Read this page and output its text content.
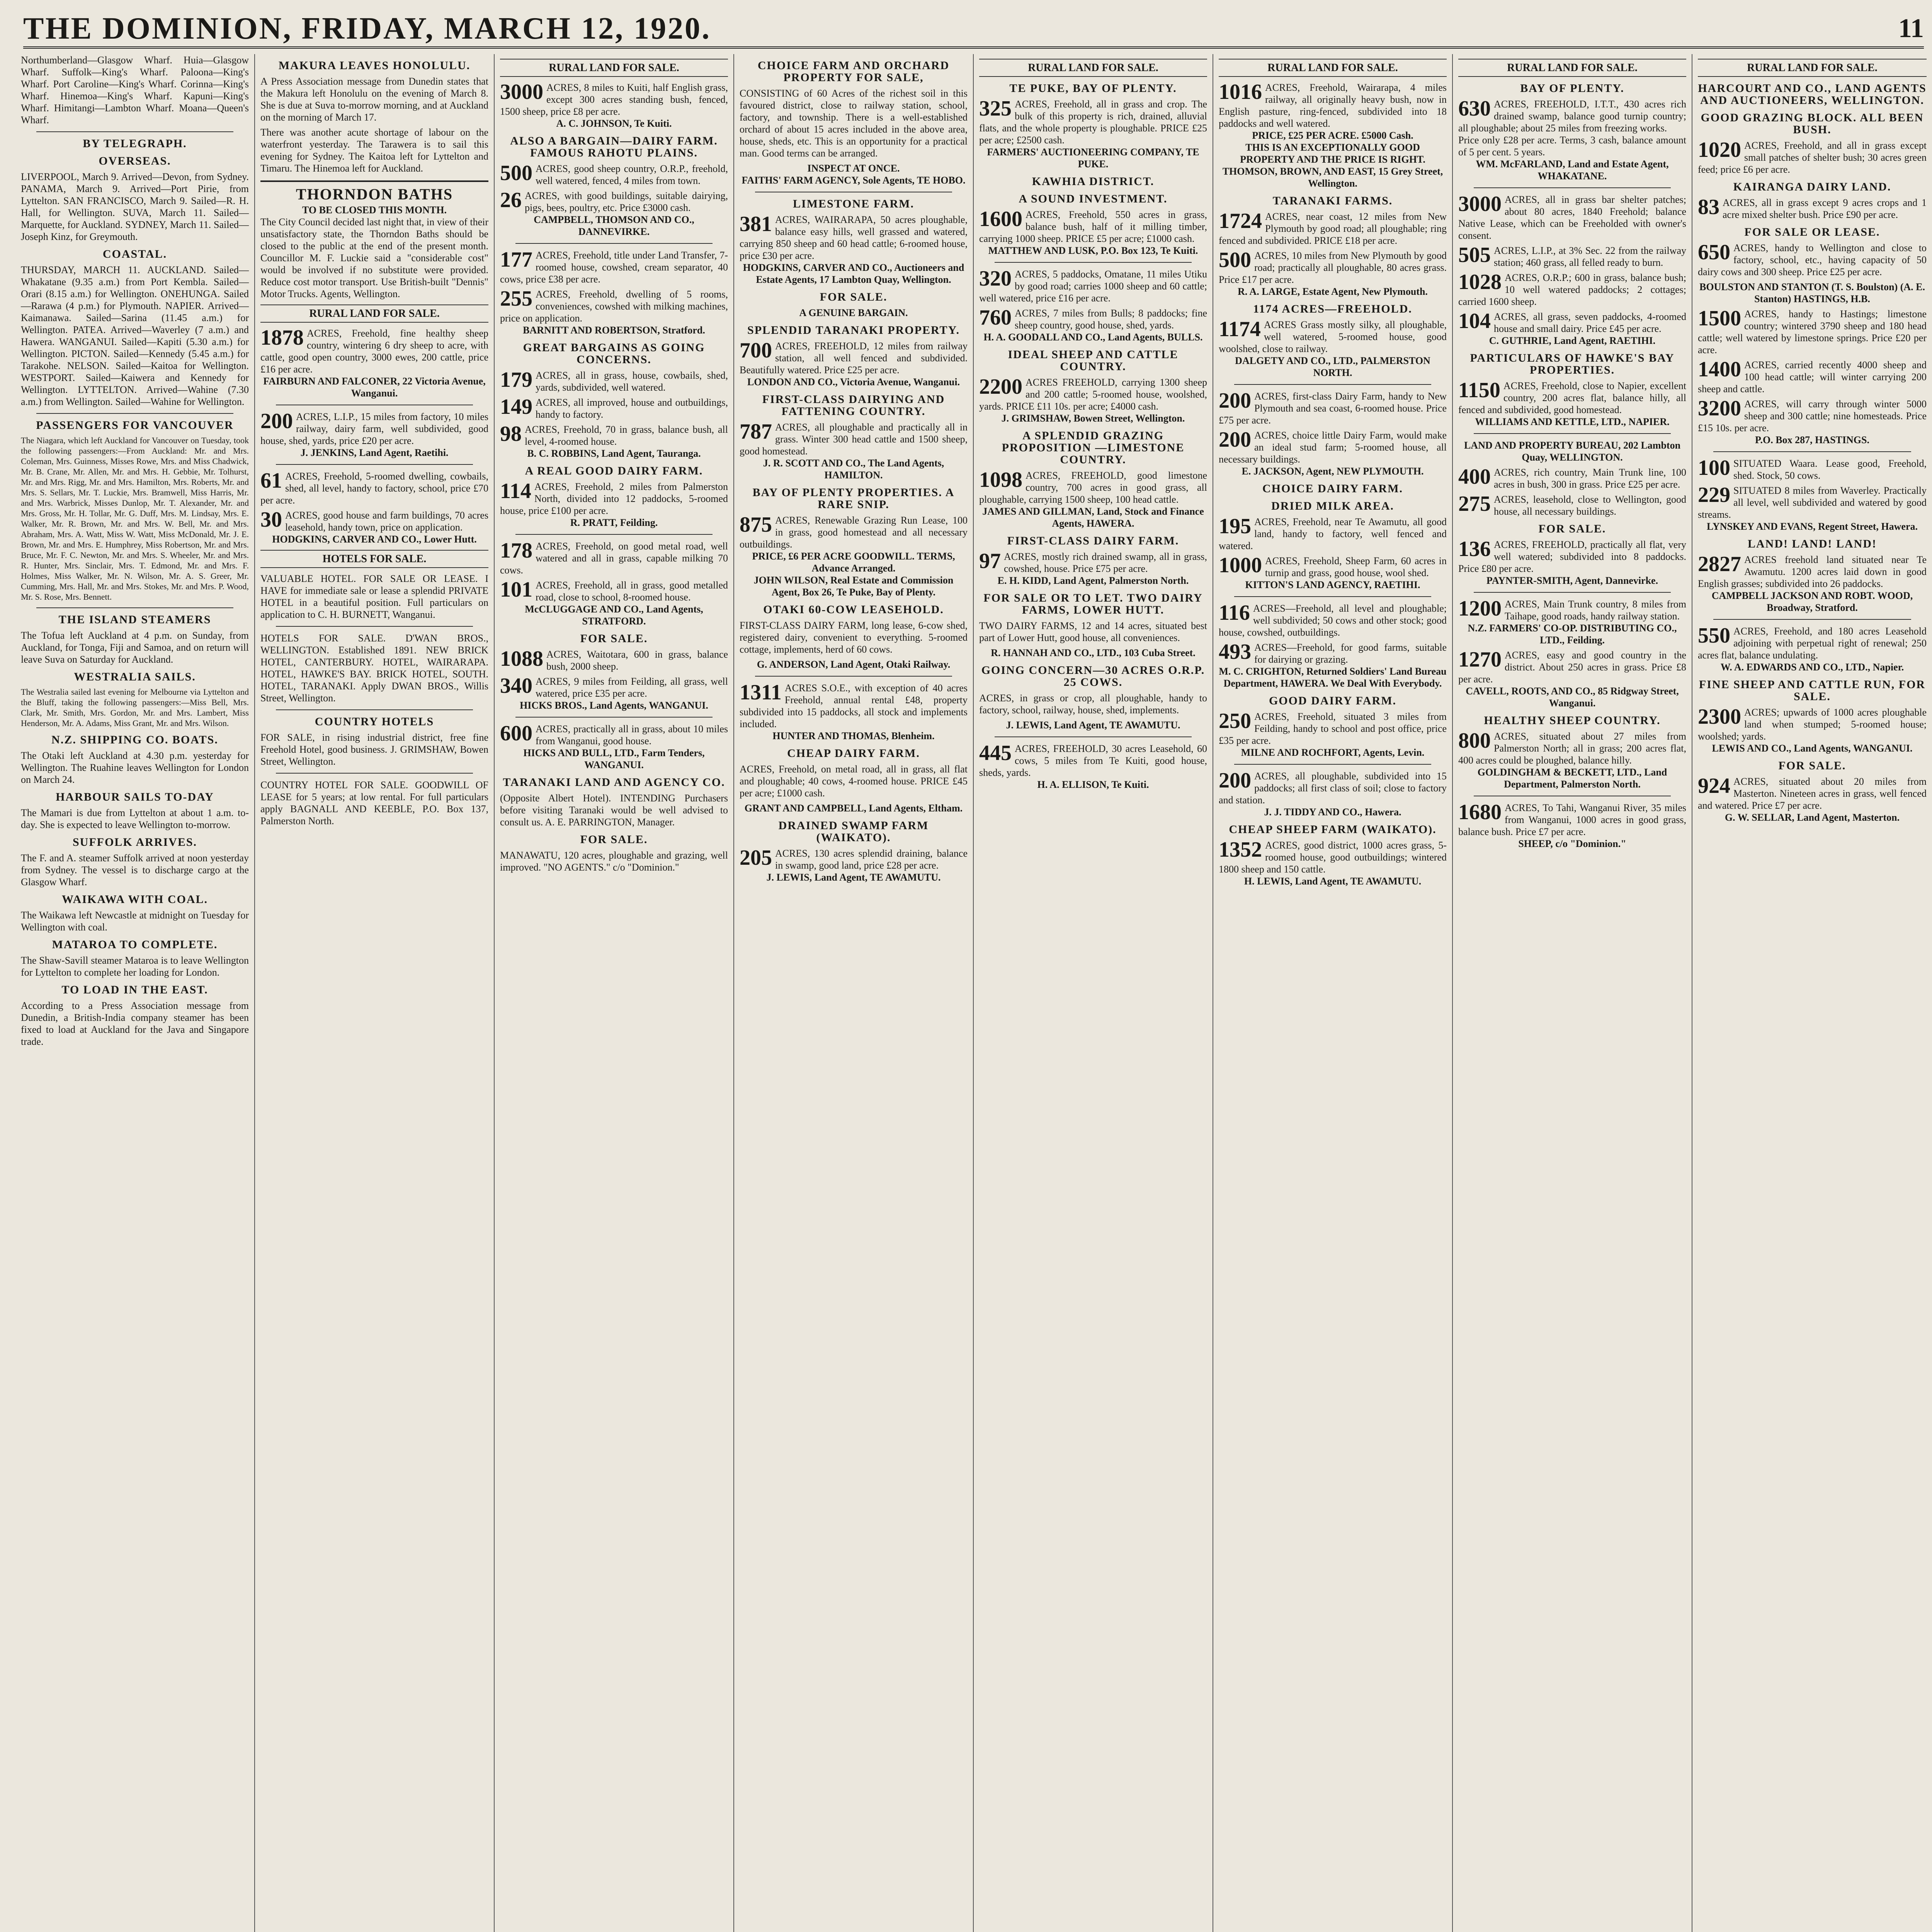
THE DOMINION, FRIDAY, MARCH 12, 1920.	11
Northumberland—Glasgow Wharf. Huia—Glasgow Wharf. Suffolk—King's Wharf. Paloona—King's Wharf. Port Caroline—King's Wharf. Corinna—King's Wharf. Hinemoa—King's Wharf. Kapuni—King's Wharf. Himitangi—Lambton Wharf. Moana—Queen's Wharf.
BY TELEGRAPH.
OVERSEAS.
LIVERPOOL, March 9. Arrived—Devon, from Sydney. PANAMA, March 9. Arrived—Port Pirie, from Lyttelton. SAN FRANCISCO, March 9. Sailed—R. H. Hall, for Wellington. SUVA, March 11. Sailed—Marquette, for Auckland. SYDNEY, March 11. Sailed—Joseph Kinz, for Greymouth.
COASTAL.
THURSDAY, MARCH 11. AUCKLAND. Sailed—Whakatane (9.35 a.m.) from Port Kembla. Sailed—Orari (8.15 a.m.) for Wellington. ONEHUNGA. Sailed—Rarawa (4 p.m.) for Plymouth. NAPIER. Arrived—Kaimanawa. Sailed—Sarina (11.45 a.m.) for Wellington. PATEA. Arrived—Waverley (7 a.m.) and Hawera. WANGANUI. Sailed—Kapiti (5.30 a.m.) for Wellington. PICTON. Sailed—Kennedy (5.45 a.m.) for Tarakohe. NELSON. Sailed—Kaitoa for Wellington. WESTPORT. Sailed—Kaiwera and Kennedy for Wellington. LYTTELTON. Arrived—Wahine (7.30 a.m.) from Wellington. Sailed—Wahine for Wellington.
PASSENGERS FOR VANCOUVER
The Niagara, which left Auckland for Vancouver on Tuesday, took the following passengers:—From Auckland: Mr. and Mrs. Coleman, Mrs. Guinness, Misses Rowe, Mrs. and Miss Chadwick, Mr. B. Crane, Mr. Allen, Mr. and Mrs. H. Gebbie, Mr. Tolhurst, Mr. and Mrs. Rigg, Mr. and Mrs. Hamilton, Mrs. Roberts, Mr. and Mrs. S. Sellars, Mr. T. Luckie, Mrs. Bramwell, Miss Harris, Mr. and Mrs. Warbrick, Misses Dunlop, Mr. T. Alexander, Mr. and Mrs. Gross, Mr. H. Tollar, Mr. G. Duff, Mrs. M. Lindsay, Mrs. E. Walker, Mr. R. Brown, Mr. and Mrs. W. Bell, Mr. and Mrs. Abraham, Mrs. A. Watt, Miss W. Watt, Miss McDonald, Mr. J. E. Brown, Mr. and Mrs. E. Humphrey, Miss Robertson, Mr. and Mrs. Bruce, Mr. F. C. Newton, Mr. and Mrs. S. Wheeler, Mr. and Mrs. R. Hunter, Mrs. Sinclair, Mrs. T. Edmond, Mr. and Mrs. F. Holmes, Miss Walker, Mr. N. Wilson, Mr. A. S. Greer, Mr. Cumming, Mrs. Hall, Mr. and Mrs. Stokes, Mr. and Mrs. P. Wood, Mr. S. Rose, Mrs. Bennett.
THE ISLAND STEAMERS
The Tofua left Auckland at 4 p.m. on Sunday, from Auckland, for Tonga, Fiji and Samoa, and on return will leave Suva on Saturday for Auckland.
WESTRALIA SAILS.
The Westralia sailed last evening for Melbourne via Lyttelton and the Bluff, taking the following passengers:—Miss Bell, Mrs. Clark, Mr. Smith, Mrs. Gordon, Mr. and Mrs. Lambert, Miss Henderson, Mr. A. Adams, Miss Grant, Mr. and Mrs. Wilson.
N.Z. SHIPPING CO. BOATS.
The Otaki left Auckland at 4.30 p.m. yesterday for Wellington. The Ruahine leaves Wellington for London on March 24.
HARBOUR SAILS TO-DAY
The Mamari is due from Lyttelton at about 1 a.m. to-day. She is expected to leave Wellington to-morrow.
SUFFOLK ARRIVES.
The F. and A. steamer Suffolk arrived at noon yesterday from Sydney. The vessel is to discharge cargo at the Glasgow Wharf.
WAIKAWA WITH COAL.
The Waikawa left Newcastle at midnight on Tuesday for Wellington with coal.
MATAROA TO COMPLETE.
The Shaw-Savill steamer Mataroa is to leave Wellington for Lyttelton to complete her loading for London.
TO LOAD IN THE EAST.
According to a Press Association message from Dunedin, a British-India company steamer has been fixed to load at Auckland for the Java and Singapore trade.
MAKURA LEAVES HONOLULU.
A Press Association message from Dunedin states that the Makura left Honolulu on the evening of March 8. She is due at Suva to-morrow morning, and at Auckland on the morning of March 17.
There was another acute shortage of labour on the waterfront yesterday. The Tarawera is to sail this evening for Sydney. The Kaitoa left for Lyttelton and Timaru. The Hinemoa left for Auckland.
THORNDON BATHS
TO BE CLOSED THIS MONTH.
The City Council decided last night that, in view of their unsatisfactory state, the Thorndon Baths should be closed to the public at the end of the present month. Councillor M. F. Luckie said a "considerable cost" would be involved if no substitute were provided. Reduce cost motor transport. Use British-built "Dennis" Motor Trucks. Agents, Wellington.
RURAL LAND FOR SALE.
1878 ACRES, Freehold, fine healthy sheep country, wintering 6 dry sheep to acre, with cattle, good open country, 3000 ewes, 200 cattle, price £16 per acre.

FAIRBURN AND FALCONER, 22 Victoria Avenue, Wanganui.

200 ACRES, L.I.P., 15 miles from factory, 10 miles railway, dairy farm, well subdivided, good house, shed, yards, price £20 per acre.

J. JENKINS, Land Agent, Raetihi.

61 ACRES, Freehold, 5-roomed dwelling, cowbails, shed, all level, handy to factory, school, price £70 per acre.
30 ACRES, good house and farm buildings, 70 acres leasehold, handy town, price on application.

HODGKINS, CARVER AND CO., Lower Hutt.

HOTELS FOR SALE.
VALUABLE HOTEL. FOR SALE OR LEASE. I HAVE for immediate sale or lease a splendid PRIVATE HOTEL in a beautiful position. Full particulars on application to C. H. BURNETT, Wanganui.
HOTELS FOR SALE. D'WAN BROS., WELLINGTON. Established 1891. NEW BRICK HOTEL, CANTERBURY. HOTEL, WAIRARAPA. HOTEL, HAWKE'S BAY. BRICK HOTEL, SOUTH. HOTEL, TARANAKI. Apply DWAN BROS., Willis Street, Wellington.
COUNTRY HOTELS
FOR SALE, in rising industrial district, free fine Freehold Hotel, good business. J. GRIMSHAW, Bowen Street, Wellington.
COUNTRY HOTEL FOR SALE. GOODWILL OF LEASE for 5 years; at low rental. For full particulars apply BAGNALL AND KEEBLE, P.O. Box 137, Palmerston North.
RURAL LAND FOR SALE.
3000 ACRES, 8 miles to Kuiti, half English grass, except 300 acres standing bush, fenced, 1500 sheep, price £8 per acre.

A. C. JOHNSON, Te Kuiti.

ALSO A BARGAIN—DAIRY FARM. FAMOUS RAHOTU PLAINS.
500 ACRES, good sheep country, O.R.P., freehold, well watered, fenced, 4 miles from town.
26 ACRES, with good buildings, suitable dairying, pigs, bees, poultry, etc. Price £3000 cash.

CAMPBELL, THOMSON AND CO., DANNEVIRKE.

177 ACRES, Freehold, title under Land Transfer, 7-roomed house, cowshed, cream separator, 40 cows, price £38 per acre.
255 ACRES, Freehold, dwelling of 5 rooms, conveniences, cowshed with milking machines, price on application.

BARNITT AND ROBERTSON, Stratford.

GREAT BARGAINS AS GOING CONCERNS.
179 ACRES, all in grass, house, cowbails, shed, yards, subdivided, well watered.
149 ACRES, all improved, house and outbuildings, handy to factory.
98 ACRES, Freehold, 70 in grass, balance bush, all level, 4-roomed house.

B. C. ROBBINS, Land Agent, Tauranga.

A REAL GOOD DAIRY FARM.
114 ACRES, Freehold, 2 miles from Palmerston North, divided into 12 paddocks, 5-roomed house, price £100 per acre.

R. PRATT, Feilding.

178 ACRES, Freehold, on good metal road, well watered and all in grass, capable milking 70 cows.
101 ACRES, Freehold, all in grass, good metalled road, close to school, 8-roomed house.

McCLUGGAGE AND CO., Land Agents, STRATFORD.

FOR SALE.
1088 ACRES, Waitotara, 600 in grass, balance bush, 2000 sheep.
340 ACRES, 9 miles from Feilding, all grass, well watered, price £35 per acre.

HICKS BROS., Land Agents, WANGANUI.

600 ACRES, practically all in grass, about 10 miles from Wanganui, good house.

HICKS AND BULL, LTD., Farm Tenders, WANGANUI.

TARANAKI LAND AND AGENCY CO.
(Opposite Albert Hotel). INTENDING Purchasers before visiting Taranaki would be well advised to consult us. A. E. PARRINGTON, Manager.
FOR SALE.
MANAWATU, 120 acres, ploughable and grazing, well improved. "NO AGENTS." c/o "Dominion."
CHOICE FARM AND ORCHARD PROPERTY FOR SALE,
CONSISTING of 60 Acres of the richest soil in this favoured district, close to railway station, school, factory, and township. There is a well-established orchard of about 15 acres included in the above area, house, sheds, etc. This is an opportunity for a practical man. Good terms can be arranged.
INSPECT AT ONCE.
FAITHS' FARM AGENCY, Sole Agents, TE HOBO.
LIMESTONE FARM.
381 ACRES, WAIRARAPA, 50 acres ploughable, balance easy hills, well grassed and watered, carrying 850 sheep and 60 head cattle; 6-roomed house, price £30 per acre.

HODGKINS, CARVER AND CO., Auctioneers and Estate Agents, 17 Lambton Quay, Wellington.

FOR SALE.
A GENUINE BARGAIN.
SPLENDID TARANAKI PROPERTY.
700 ACRES, FREEHOLD, 12 miles from railway station, all well fenced and subdivided. Beautifully watered. Price £25 per acre.

LONDON AND CO., Victoria Avenue, Wanganui.

FIRST-CLASS DAIRYING AND FATTENING COUNTRY.
787 ACRES, all ploughable and practically all in grass. Winter 300 head cattle and 1500 sheep, good homestead.

J. R. SCOTT AND CO., The Land Agents, HAMILTON.

BAY OF PLENTY PROPERTIES. A RARE SNIP.
875 ACRES, Renewable Grazing Run Lease, 100 in grass, good homestead and all necessary outbuildings.

PRICE, £6 PER ACRE GOODWILL. TERMS, Advance Arranged.

JOHN WILSON, Real Estate and Commission Agent, Box 26, Te Puke, Bay of Plenty.

OTAKI 60-COW LEASEHOLD.
FIRST-CLASS DAIRY FARM, long lease, 6-cow shed, registered dairy, convenient to everything. 5-roomed cottage, implements, herd of 60 cows.
G. ANDERSON, Land Agent, Otaki Railway.
1311 ACRES S.O.E., with exception of 40 acres Freehold, annual rental £48, property subdivided into 15 paddocks, all stock and implements included.

HUNTER AND THOMAS, Blenheim.

CHEAP DAIRY FARM.
ACRES, Freehold, on metal road, all in grass, all flat and ploughable; 40 cows, 4-roomed house. PRICE £45 per acre; £1000 cash.
GRANT AND CAMPBELL, Land Agents, Eltham.
DRAINED SWAMP FARM (WAIKATO).
205 ACRES, 130 acres splendid draining, balance in swamp, good land, price £28 per acre.

J. LEWIS, Land Agent, TE AWAMUTU.

RURAL LAND FOR SALE.
TE PUKE, BAY OF PLENTY.
325 ACRES, Freehold, all in grass and crop. The bulk of this property is rich, drained, alluvial flats, and the whole property is ploughable. PRICE £25 per acre; £2500 cash.

FARMERS' AUCTIONEERING COMPANY, TE PUKE.

KAWHIA DISTRICT.
A SOUND INVESTMENT.
1600 ACRES, Freehold, 550 acres in grass, balance bush, half of it milling timber, carrying 1000 sheep. PRICE £5 per acre; £1000 cash.

MATTHEW AND LUSK, P.O. Box 123, Te Kuiti.

320 ACRES, 5 paddocks, Omatane, 11 miles Utiku by good road; carries 1000 sheep and 60 cattle; well watered, price £16 per acre.
760 ACRES, 7 miles from Bulls; 8 paddocks; fine sheep country, good house, shed, yards.

H. A. GOODALL AND CO., Land Agents, BULLS.

IDEAL SHEEP AND CATTLE COUNTRY.
2200 ACRES FREEHOLD, carrying 1300 sheep and 200 cattle; 5-roomed house, woolshed, yards. PRICE £11 10s. per acre; £4000 cash.

J. GRIMSHAW, Bowen Street, Wellington.

A SPLENDID GRAZING PROPOSITION —LIMESTONE COUNTRY.
1098 ACRES, FREEHOLD, good limestone country, 700 acres in good grass, all ploughable, carrying 1500 sheep, 100 head cattle.

JAMES AND GILLMAN, Land, Stock and Finance Agents, HAWERA.

FIRST-CLASS DAIRY FARM.
97 ACRES, mostly rich drained swamp, all in grass, cowshed, house. Price £75 per acre.

E. H. KIDD, Land Agent, Palmerston North.

FOR SALE OR TO LET. TWO DAIRY FARMS, LOWER HUTT.
TWO DAIRY FARMS, 12 and 14 acres, situated best part of Lower Hutt, good house, all conveniences.
R. HANNAH AND CO., LTD., 103 Cuba Street.
GOING CONCERN—30 ACRES O.R.P. 25 COWS.
ACRES, in grass or crop, all ploughable, handy to factory, school, railway, house, shed, implements.
J. LEWIS, Land Agent, TE AWAMUTU.
445 ACRES, FREEHOLD, 30 acres Leasehold, 60 cows, 5 miles from Te Kuiti, good house, sheds, yards.

H. A. ELLISON, Te Kuiti.

RURAL LAND FOR SALE.
1016 ACRES, Freehold, Wairarapa, 4 miles railway, all originally heavy bush, now in English pasture, ring-fenced, subdivided into 18 paddocks and well watered.

PRICE, £25 PER ACRE. £5000 Cash.

THIS IS AN EXCEPTIONALLY GOOD PROPERTY AND THE PRICE IS RIGHT.

THOMSON, BROWN, AND EAST, 15 Grey Street, Wellington.

TARANAKI FARMS.
1724 ACRES, near coast, 12 miles from New Plymouth by good road; all ploughable; ring fenced and subdivided. PRICE £18 per acre.
500 ACRES, 10 miles from New Plymouth by good road; practically all ploughable, 80 acres grass. Price £17 per acre.

R. A. LARGE, Estate Agent, New Plymouth.

1174 ACRES—FREEHOLD.
1174 ACRES Grass mostly silky, all ploughable, well watered, 5-roomed house, good woolshed, close to railway.

DALGETY AND CO., LTD., PALMERSTON NORTH.

200 ACRES, first-class Dairy Farm, handy to New Plymouth and sea coast, 6-roomed house. Price £75 per acre.
200 ACRES, choice little Dairy Farm, would make an ideal stud farm; 5-roomed house, all necessary buildings.

E. JACKSON, Agent, NEW PLYMOUTH.

CHOICE DAIRY FARM.
DRIED MILK AREA.
195 ACRES, Freehold, near Te Awamutu, all good land, handy to factory, well fenced and watered.
1000 ACRES, Freehold, Sheep Farm, 60 acres in turnip and grass, good house, wool shed.

KITTON'S LAND AGENCY, RAETIHI.

116 ACRES—Freehold, all level and ploughable; well subdivided; 50 cows and other stock; good house, cowshed, outbuildings.
493 ACRES—Freehold, for good farms, suitable for dairying or grazing.

M. C. CRIGHTON, Returned Soldiers' Land Bureau Department, HAWERA. We Deal With Everybody.

GOOD DAIRY FARM.
250 ACRES, Freehold, situated 3 miles from Feilding, handy to school and post office, price £35 per acre.

MILNE AND ROCHFORT, Agents, Levin.

200 ACRES, all ploughable, subdivided into 15 paddocks; all first class of soil; close to factory and station.

J. J. TIDDY AND CO., Hawera.

CHEAP SHEEP FARM (WAIKATO).
1352 ACRES, good district, 1000 acres grass, 5-roomed house, good outbuildings; wintered 1800 sheep and 150 cattle.

H. LEWIS, Land Agent, TE AWAMUTU.

RURAL LAND FOR SALE.
BAY OF PLENTY.
630 ACRES, FREEHOLD, I.T.T., 430 acres rich drained swamp, balance good turnip country; all ploughable; about 25 miles from freezing works.

Price only £28 per acre. Terms, 3 cash, balance amount of 5 per cent. 5 years.

WM. McFARLAND, Land and Estate Agent, WHAKATANE.

3000 ACRES, all in grass bar shelter patches; about 80 acres, 1840 Freehold; balance Native Lease, which can be Freeholded with owner's consent.
505 ACRES, L.I.P., at 3% Sec. 22 from the railway station; 460 grass, all felled ready to burn.
1028 ACRES, O.R.P.; 600 in grass, balance bush; 10 well watered paddocks; 2 cottages; carried 1600 sheep.
104 ACRES, all grass, seven paddocks, 4-roomed house and small dairy. Price £45 per acre.

C. GUTHRIE, Land Agent, RAETIHI.

PARTICULARS OF HAWKE'S BAY PROPERTIES.
1150 ACRES, Freehold, close to Napier, excellent country, 200 acres flat, balance hilly, all fenced and subdivided, good homestead.

WILLIAMS AND KETTLE, LTD., NAPIER.

LAND AND PROPERTY BUREAU, 202 Lambton Quay, WELLINGTON.
400 ACRES, rich country, Main Trunk line, 100 acres in bush, 300 in grass. Price £25 per acre.
275 ACRES, leasehold, close to Wellington, good house, all necessary buildings.
FOR SALE.
136 ACRES, FREEHOLD, practically all flat, very well watered; subdivided into 8 paddocks. Price £80 per acre.

PAYNTER-SMITH, Agent, Dannevirke.

1200 ACRES, Main Trunk country, 8 miles from Taihape, good roads, handy railway station.

N.Z. FARMERS' CO-OP. DISTRIBUTING CO., LTD., Feilding.

1270 ACRES, easy and good country in the district. About 250 acres in grass. Price £8 per acre.

CAVELL, ROOTS, AND CO., 85 Ridgway Street, Wanganui.

HEALTHY SHEEP COUNTRY.
800 ACRES, situated about 27 miles from Palmerston North; all in grass; 200 acres flat, 400 acres could be ploughed, balance hilly.

GOLDINGHAM & BECKETT, LTD., Land Department, Palmerston North.

1680 ACRES, To Tahi, Wanganui River, 35 miles from Wanganui, 1000 acres in good grass, balance bush. Price £7 per acre.

SHEEP, c/o "Dominion."

RURAL LAND FOR SALE.
HARCOURT AND CO., LAND AGENTS AND AUCTIONEERS, WELLINGTON.
GOOD GRAZING BLOCK. ALL BEEN BUSH.
1020 ACRES, Freehold, and all in grass except small patches of shelter bush; 30 acres green feed; price £6 per acre.
KAIRANGA DAIRY LAND.
83 ACRES, all in grass except 9 acres crops and 1 acre mixed shelter bush. Price £90 per acre.
FOR SALE OR LEASE.
650 ACRES, handy to Wellington and close to factory, school, etc., having capacity of 50 dairy cows and 300 sheep. Price £25 per acre.
BOULSTON AND STANTON (T. S. Boulston) (A. E. Stanton) HASTINGS, H.B.
1500 ACRES, handy to Hastings; limestone country; wintered 3790 sheep and 180 head cattle; well watered by limestone springs. Price £20 per acre.
1400 ACRES, carried recently 4000 sheep and 100 head cattle; will winter carrying 200 sheep and cattle.
3200 ACRES, will carry through winter 5000 sheep and 300 cattle; nine homesteads. Price £15 10s. per acre.

P.O. Box 287, HASTINGS.

100 SITUATED Waara. Lease good, Freehold, shed. Stock, 50 cows.
229 SITUATED 8 miles from Waverley. Practically all level, well subdivided and watered by good streams.

LYNSKEY AND EVANS, Regent Street, Hawera.

LAND! LAND! LAND!
2827 ACRES freehold land situated near Te Awamutu. 1200 acres laid down in good English grasses; subdivided into 26 paddocks.

CAMPBELL JACKSON AND ROBT. WOOD, Broadway, Stratford.

550 ACRES, Freehold, and 180 acres Leasehold adjoining with perpetual right of renewal; 250 acres flat, balance undulating.

W. A. EDWARDS AND CO., LTD., Napier.

FINE SHEEP AND CATTLE RUN, FOR SALE.
2300 ACRES; upwards of 1000 acres ploughable land when stumped; 5-roomed house; woolshed; yards.

LEWIS AND CO., Land Agents, WANGANUI.

FOR SALE.
924 ACRES, situated about 20 miles from Masterton. Nineteen acres in grass, well fenced and watered. Price £7 per acre.

G. W. SELLAR, Land Agent, Masterton.
